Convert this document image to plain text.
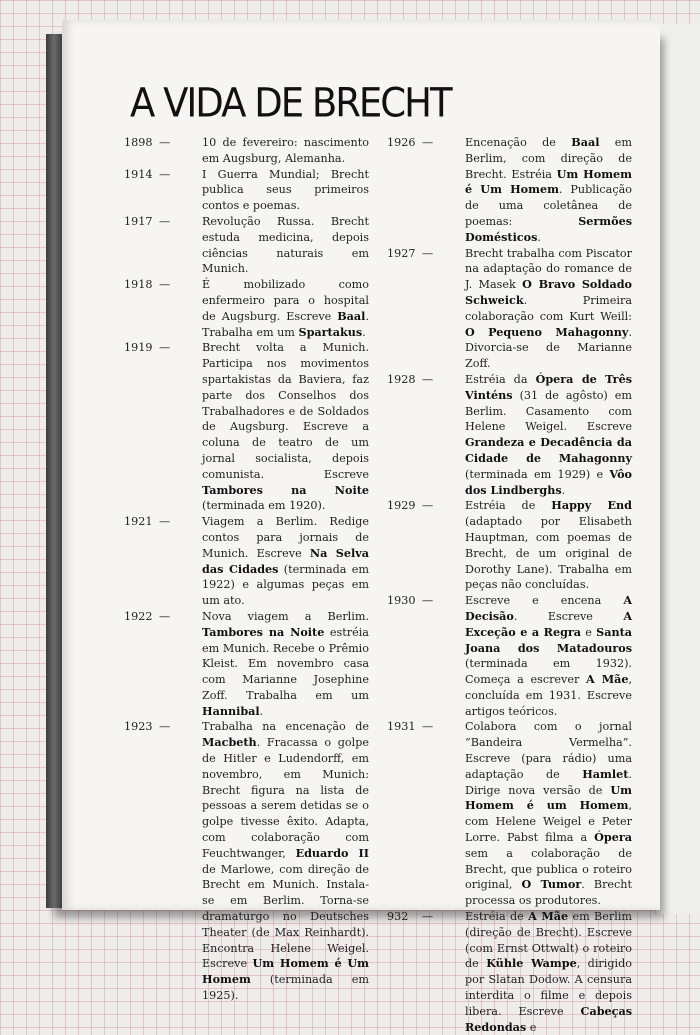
A VIDA DE BRECHT
1898 —	10 de fevereiro: nascimento em Augsburg, Alemanha.
1914 —	I Guerra Mundial; Brecht publica seus primeiros contos e poemas.
1917 —	Revolução Russa. Brecht estuda medicina, depois ciências naturais em Munich.
1918 —	É mobilizado como enfermeiro para o hospital de Augsburg. Escreve Baal. Trabalha em um Spartakus.
1919 —	Brecht volta a Munich. Participa nos movimentos spartakistas da Baviera, faz parte dos Conselhos dos Trabalhadores e de Soldados de Augsburg. Escreve a coluna de teatro de um jornal socialista, depois comunista. Escreve Tambores na Noite (terminada em 1920).
1921 —	Viagem a Berlim. Redige contos para jornais de Munich. Escreve Na Selva das Cidades (terminada em 1922) e algumas peças em um ato.
1922 —	Nova viagem a Berlim. Tambores na Noite estréia em Munich. Recebe o Prêmio Kleist. Em novembro casa com Marianne Josephine Zoff. Trabalha em um Hannibal.
1923 —	Trabalha na encenação de Macbeth. Fracassa o golpe de Hitler e Ludendorff, em novembro, em Munich: Brecht figura na lista de pessoas a serem detidas se o golpe tivesse êxito. Adapta, com colaboração com Feuchtwanger, Eduardo II de Marlowe, com direção de Brecht em Munich. Instala-se em Berlim. Torna-se dramaturgo no Deutsches Theater (de Max Reinhardt). Encontra Helene Weigel. Escreve Um Homem é Um Homem (terminada em 1925).
1926 —	Encenação de Baal em Berlim, com direção de Brecht. Estréia Um Homem é Um Homem. Publicação de uma coletânea de poemas: Sermões Domésticos.
1927 —	Brecht trabalha com Piscator na adaptação do romance de J. Masek O Bravo Soldado Schweick. Primeira colaboração com Kurt Weill: O Pequeno Mahagonny. Divorcia-se de Marianne Zoff.
1928 —	Estréia da Ópera de Três Vinténs (31 de agôsto) em Berlim. Casamento com Helene Weigel. Escreve Grandeza e Decadência da Cidade de Mahagonny (terminada em 1929) e Vôo dos Lindberghs.
1929 —	Estréia de Happy End (adaptado por Elisabeth Hauptman, com poemas de Brecht, de um original de Dorothy Lane). Trabalha em peças não concluídas.
1930 —	Escreve e encena A Decisão. Escreve A Exceção e a Regra e Santa Joana dos Matadouros (terminada em 1932). Começa a escrever A Mãe, concluída em 1931. Escreve artigos teóricos.
1931 —	Colabora com o jornal “Bandeira Vermelha”. Escreve (para rádio) uma adaptação de Hamlet. Dirige nova versão de Um Homem é um Homem, com Helene Weigel e Peter Lorre. Pabst filma a Ópera sem a colaboração de Brecht, que publica o roteiro original, O Tumor. Brecht processa os produtores.
932 —	Estréia de A Mãe em Berlim (direção de Brecht). Escreve (com Ernst Ottwalt) o roteiro de Kühle Wampe, dirigido por Slatan Dodow. A censura interdita o filme e depois libera. Escreve Cabeças Redondas e
